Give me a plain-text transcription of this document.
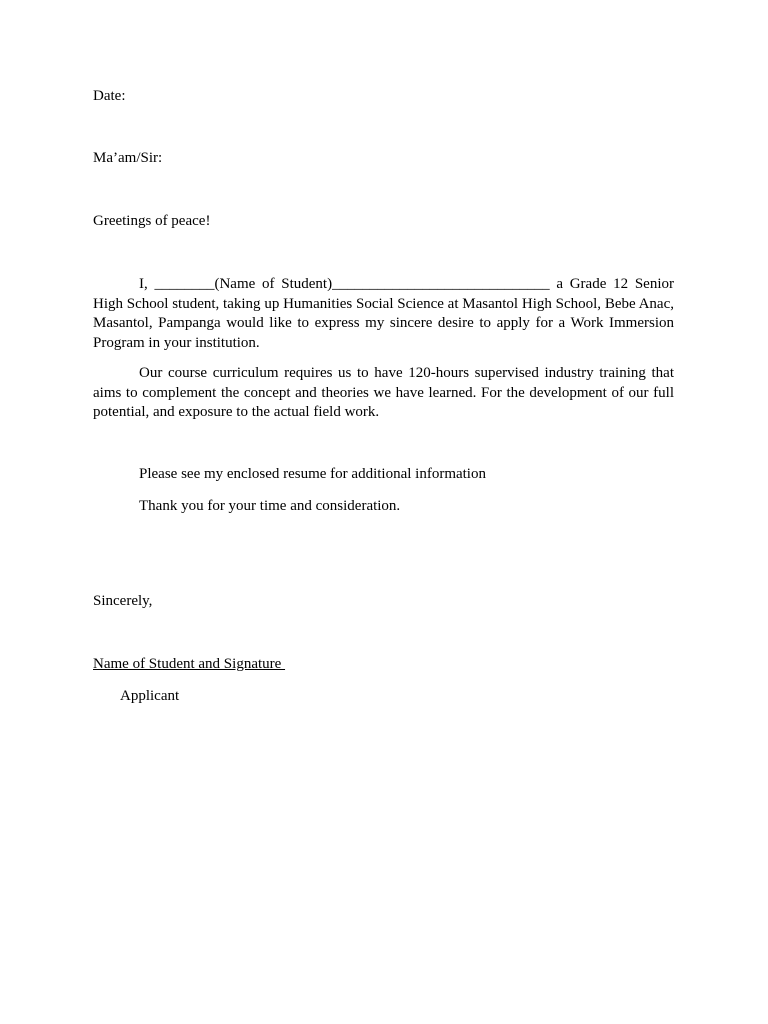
Date:
Ma’am/Sir:
Greetings of peace!
I, ________(Name of Student)_____________________________ a Grade 12 Senior High School student, taking up Humanities Social Science at Masantol High School, Bebe Anac, Masantol, Pampanga would like to express my sincere desire to apply for a Work Immersion Program in your institution.
Our course curriculum requires us to have 120-hours supervised industry training that aims to complement the concept and theories we have learned. For the development of our full potential, and exposure to the actual field work.
Please see my enclosed resume for additional information
Thank you for your time and consideration.
Sincerely,
Name of Student and Signature
Applicant
